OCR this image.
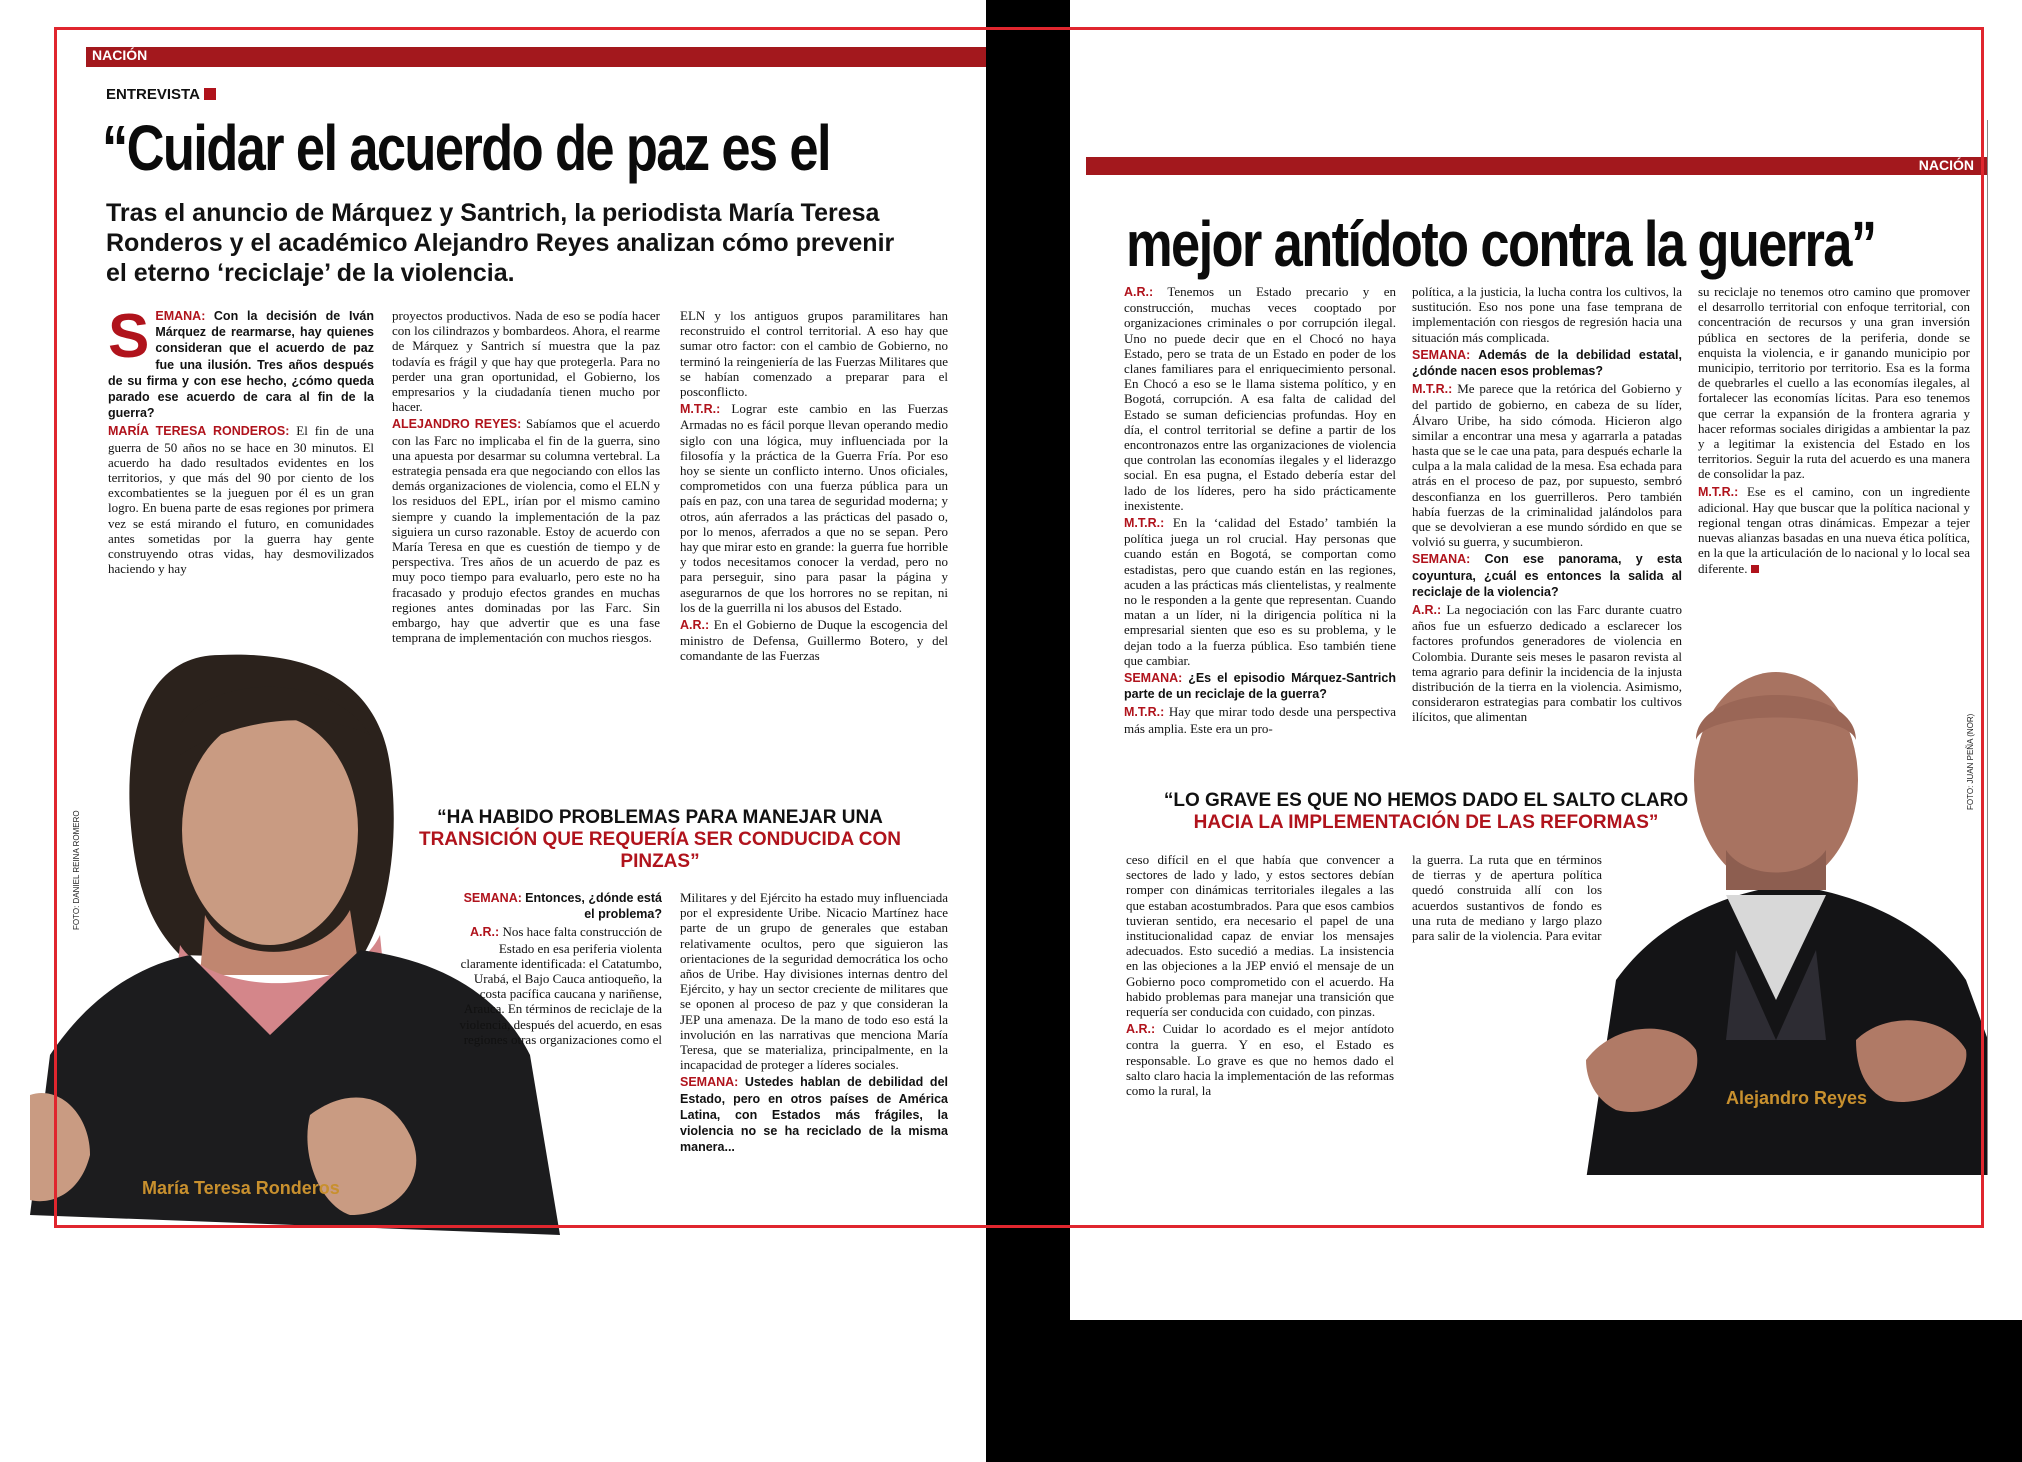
NACIÓN
ENTREVISTA
“Cuidar el acuerdo de paz es el
Tras el anuncio de Márquez y Santrich, la periodista María Teresa Ronderos y el académico Alejandro Reyes analizan cómo prevenir el eterno ‘reciclaje’ de la violencia.

SEMANA: Con la decisión de Iván Márquez de rearmarse, hay quienes consideran que el acuerdo de paz fue una ilusión. Tres años después de su firma y con ese hecho, ¿cómo queda parado ese acuerdo de cara al fin de la guerra?

MARÍA TERESA RONDEROS: El fin de una guerra de 50 años no se hace en 30 minutos. El acuerdo ha dado resultados evidentes en los territorios, y que más del 90 por ciento de los excombatientes se la jueguen por él es un gran logro. En buena parte de esas regiones por primera vez se está mirando el futuro, en comunidades antes sometidas por la guerra hay gente construyendo otras vidas, hay desmovilizados haciendo y hay

proyectos productivos. Nada de eso se podía hacer con los cilindrazos y bombardeos. Ahora, el rearme de Márquez y Santrich sí muestra que la paz todavía es frágil y que hay que protegerla. Para no perder una gran oportunidad, el Gobierno, los empresarios y la ciudadanía tienen mucho por hacer.

ALEJANDRO REYES: Sabíamos que el acuerdo con las Farc no implicaba el fin de la guerra, sino una apuesta por desarmar su columna vertebral. La estrategia pensada era que negociando con ellos las demás organizaciones de violencia, como el ELN y los residuos del EPL, irían por el mismo camino siempre y cuando la implementación de la paz siguiera un curso razonable. Estoy de acuerdo con María Teresa en que es cuestión de tiempo y de perspectiva. Tres años de un acuerdo de paz es muy poco tiempo para evaluarlo, pero este no ha fracasado y produjo efectos grandes en muchas regiones antes dominadas por las Farc. Sin embargo, hay que advertir que es una fase temprana de implementación con muchos riesgos.

ELN y los antiguos grupos paramilitares han reconstruido el control territorial. A eso hay que sumar otro factor: con el cambio de Gobierno, no terminó la reingeniería de las Fuerzas Militares que se habían comenzado a preparar para el posconflicto.

M.T.R.: Lograr este cambio en las Fuerzas Armadas no es fácil porque llevan operando medio siglo con una lógica, muy influenciada por la filosofía y la práctica de la Guerra Fría. Por eso hoy se siente un conflicto interno. Unos oficiales, comprometidos con una fuerza pública para un país en paz, con una tarea de seguridad moderna; y otros, aún aferrados a las prácticas del pasado o, por lo menos, aferrados a que no se sepan. Pero hay que mirar esto en grande: la guerra fue horrible y todos necesitamos conocer la verdad, pero no para perseguir, sino para pasar la página y asegurarnos de que los horrores no se repitan, ni los de la guerrilla ni los abusos del Estado.

A.R.: En el Gobierno de Duque la escogencia del ministro de Defensa, Guillermo Botero, y del comandante de las Fuerzas

FOTO: DANIEL REINA ROMERO
María Teresa Ronderos
“HA HABIDO PROBLEMAS PARA MANEJAR UNA
TRANSICIÓN QUE REQUERÍA SER CONDUCIDA CON PINZAS”

SEMANA: Entonces, ¿dónde está el problema?

A.R.: Nos hace falta construcción de Estado en esa periferia violenta claramente identificada: el Catatumbo, Urabá, el Bajo Cauca antioqueño, la costa pacífica caucana y nariñense, Arauca. En términos de reciclaje de la violencia, después del acuerdo, en esas regiones otras organizaciones como el

Militares y del Ejército ha estado muy influenciada por el expresidente Uribe. Nicacio Martínez hace parte de un grupo de generales que estaban relativamente ocultos, pero que siguieron las orientaciones de la seguridad democrática los ocho años de Uribe. Hay divisiones internas dentro del Ejército, y hay un sector creciente de militares que se oponen al proceso de paz y que consideran la JEP una amenaza. De la mano de todo eso está la involución en las narrativas que menciona María Teresa, que se materializa, principalmente, en la incapacidad de proteger a líderes sociales.

SEMANA: Ustedes hablan de debilidad del Estado, pero en otros países de América Latina, con Estados más frágiles, la violencia no se ha reciclado de la misma manera...

NACIÓN
mejor antídoto contra la guerra”

A.R.: Tenemos un Estado precario y en construcción, muchas veces cooptado por organizaciones criminales o por corrupción ilegal. Uno no puede decir que en el Chocó no haya Estado, pero se trata de un Estado en poder de los clanes familiares para el enriquecimiento personal. En Chocó a eso se le llama sistema político, y en Bogotá, corrupción. A esa falta de calidad del Estado se suman deficiencias profundas. Hoy en día, el control territorial se define a partir de los encontronazos entre las organizaciones de violencia que controlan las economías ilegales y el liderazgo social. En esa pugna, el Estado debería estar del lado de los líderes, pero ha sido prácticamente inexistente.

M.T.R.: En la ‘calidad del Estado’ también la política juega un rol crucial. Hay personas que cuando están en Bogotá, se comportan como estadistas, pero que cuando están en las regiones, acuden a las prácticas más clientelistas, y realmente no le responden a la gente que representan. Cuando matan a un líder, ni la dirigencia política ni la empresarial sienten que eso es su problema, y le dejan todo a la fuerza pública. Eso también tiene que cambiar.

SEMANA: ¿Es el episodio Márquez-Santrich parte de un reciclaje de la guerra?

M.T.R.: Hay que mirar todo desde una perspectiva más amplia. Este era un pro-

política, a la justicia, la lucha contra los cultivos, la sustitución. Eso nos pone una fase temprana de implementación con riesgos de regresión hacia una situación más complicada.

SEMANA: Además de la debilidad estatal, ¿dónde nacen esos problemas?

M.T.R.: Me parece que la retórica del Gobierno y del partido de gobierno, en cabeza de su líder, Álvaro Uribe, ha sido cómoda. Hicieron algo similar a encontrar una mesa y agarrarla a patadas hasta que se le cae una pata, para después echarle la culpa a la mala calidad de la mesa. Esa echada para atrás en el proceso de paz, por supuesto, sembró desconfianza en los guerrilleros. Pero también había fuerzas de la criminalidad jalándolos para que se devolvieran a ese mundo sórdido en que se volvió su guerra, y sucumbieron.

SEMANA: Con ese panorama, y esta coyuntura, ¿cuál es entonces la salida al reciclaje de la violencia?

A.R.: La negociación con las Farc durante cuatro años fue un esfuerzo dedicado a esclarecer los factores profundos generadores de violencia en Colombia. Durante seis meses le pasaron revista al tema agrario para definir la incidencia de la injusta distribución de la tierra en la violencia. Asimismo, consideraron estrategias para combatir los cultivos ilícitos, que alimentan

su reciclaje no tenemos otro camino que promover el desarrollo territorial con enfoque territorial, con concentración de recursos y una gran inversión pública en sectores de la periferia, donde se enquista la violencia, e ir ganando municipio por municipio, territorio por territorio. Esa es la forma de quebrarles el cuello a las economías ilegales, al fortalecer las economías lícitas. Para eso tenemos que cerrar la expansión de la frontera agraria y hacer reformas sociales dirigidas a ambientar la paz y a legitimar la existencia del Estado en los territorios. Seguir la ruta del acuerdo es una manera de consolidar la paz.

M.T.R.: Ese es el camino, con un ingrediente adicional. Hay que buscar que la política nacional y regional tengan otras dinámicas. Empezar a tejer nuevas alianzas basadas en una nueva ética política, en la que la articulación de lo nacional y lo local sea diferente.

FOTO: JUAN PEÑA (NOR)
Alejandro Reyes
“LO GRAVE ES QUE NO HEMOS DADO EL SALTO CLARO
HACIA LA IMPLEMENTACIÓN DE LAS REFORMAS”

ceso difícil en el que había que convencer a sectores de lado y lado, y estos sectores debían romper con dinámicas territoriales ilegales a las que estaban acostumbrados. Para que esos cambios tuvieran sentido, era necesario el papel de una institucionalidad capaz de enviar los mensajes adecuados. Esto sucedió a medias. La insistencia en las objeciones a la JEP envió el mensaje de un Gobierno poco comprometido con el acuerdo. Ha habido problemas para manejar una transición que requería ser conducida con cuidado, con pinzas.

A.R.: Cuidar lo acordado es el mejor antídoto contra la guerra. Y en eso, el Estado es responsable. Lo grave es que no hemos dado el salto claro hacia la implementación de las reformas como la rural, la

la guerra. La ruta que en términos de tierras y de apertura política quedó construida allí con los acuerdos sustantivos de fondo es una ruta de mediano y largo plazo para salir de la violencia. Para evitar
